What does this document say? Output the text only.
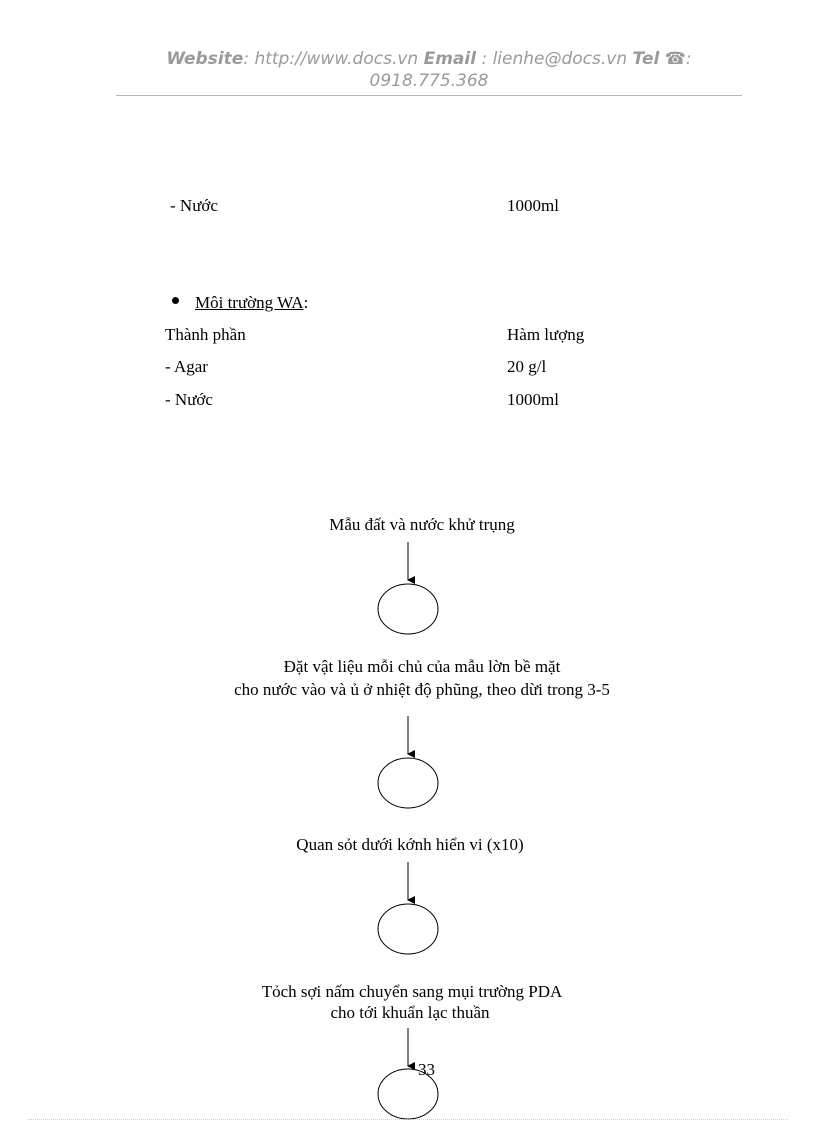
Website: http://www.docs.vn Email : lienhe@docs.vn Tel ☎:
0918.775.368
- Nước	1000ml
Môi trường WA:
Thành phần	Hàm lượng
- Agar	20 g/l
- Nước	1000ml
Mẫu đất và nước khử trụng
Đặt vật liệu mỗi chủ của mẫu lờn bề mặt
cho nước vào và ủ ở nhiệt độ phũng, theo dừi trong 3-5
Quan sỏt dưới kớnh hiển vi (x10)
Tỏch sợi nấm chuyển sang mụi trường PDA
cho tới khuẩn lạc thuần
33
